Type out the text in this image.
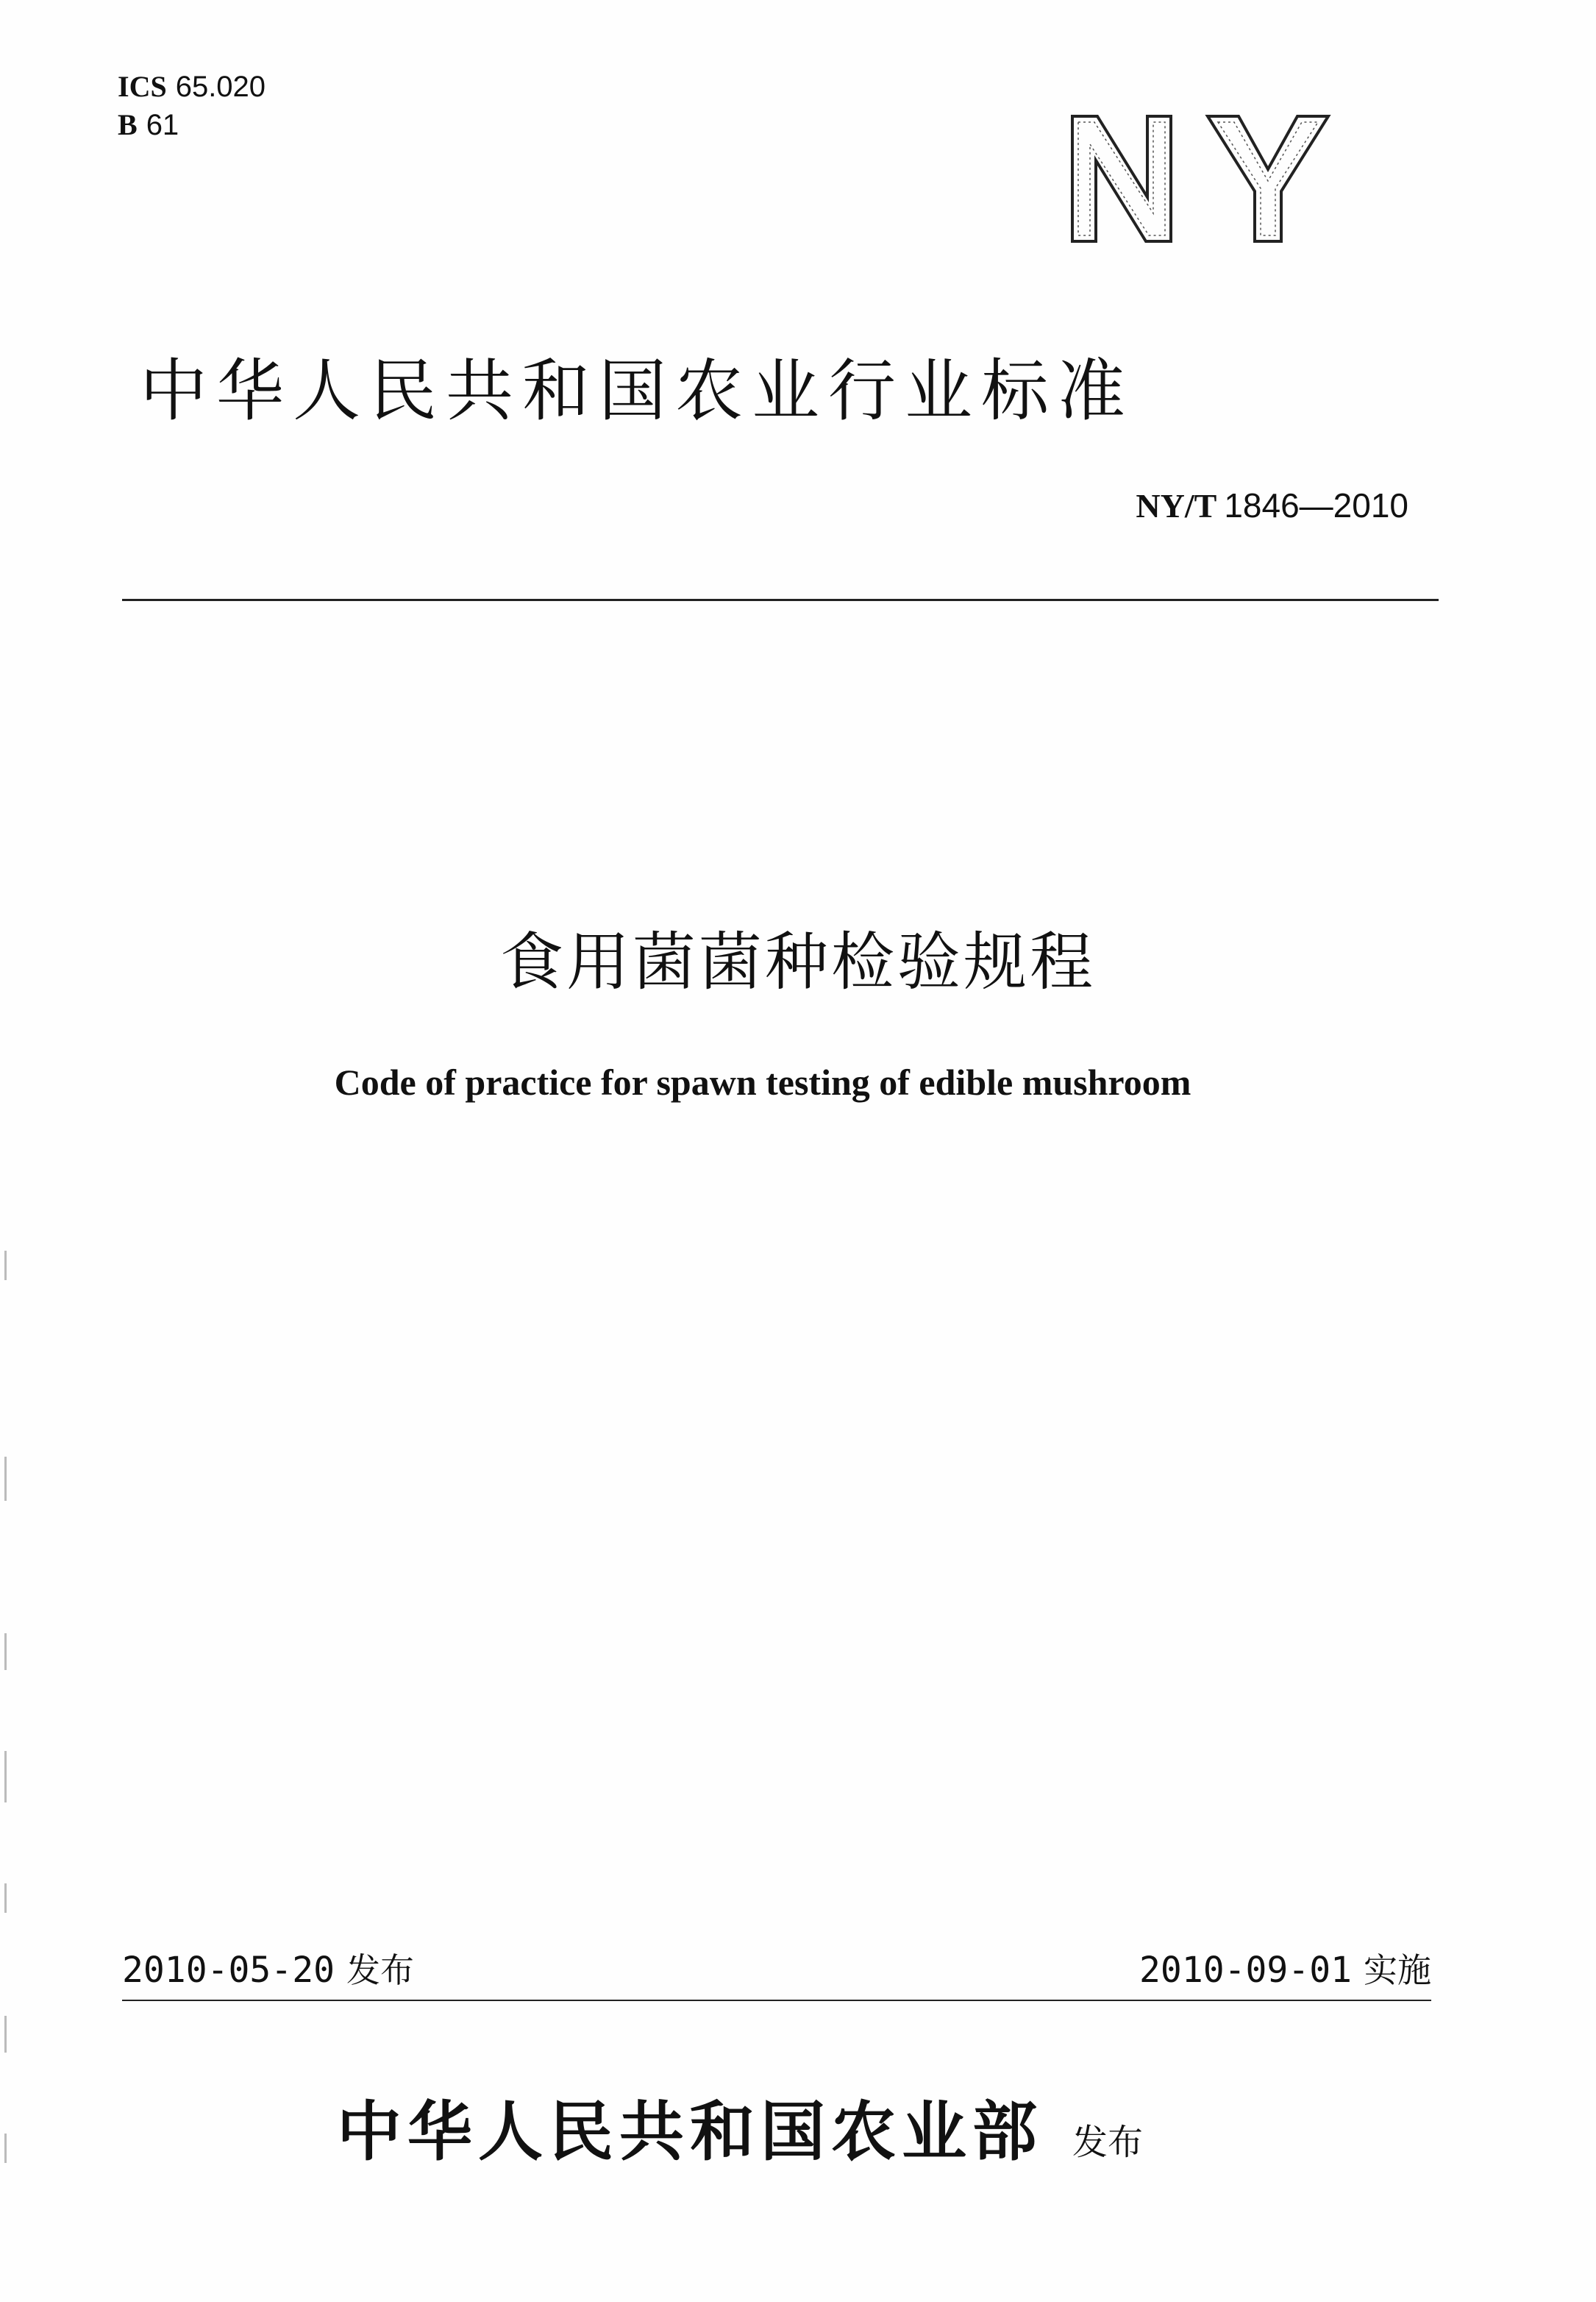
ICS 65.020
B 61
中华人民共和国农业行业标准
NY/T 1846—2010
食用菌菌种检验规程
Code of practice for spawn testing of edible mushroom
2010-05-20 发布	2010-09-01 实施
中华人民共和国农业部 发布
